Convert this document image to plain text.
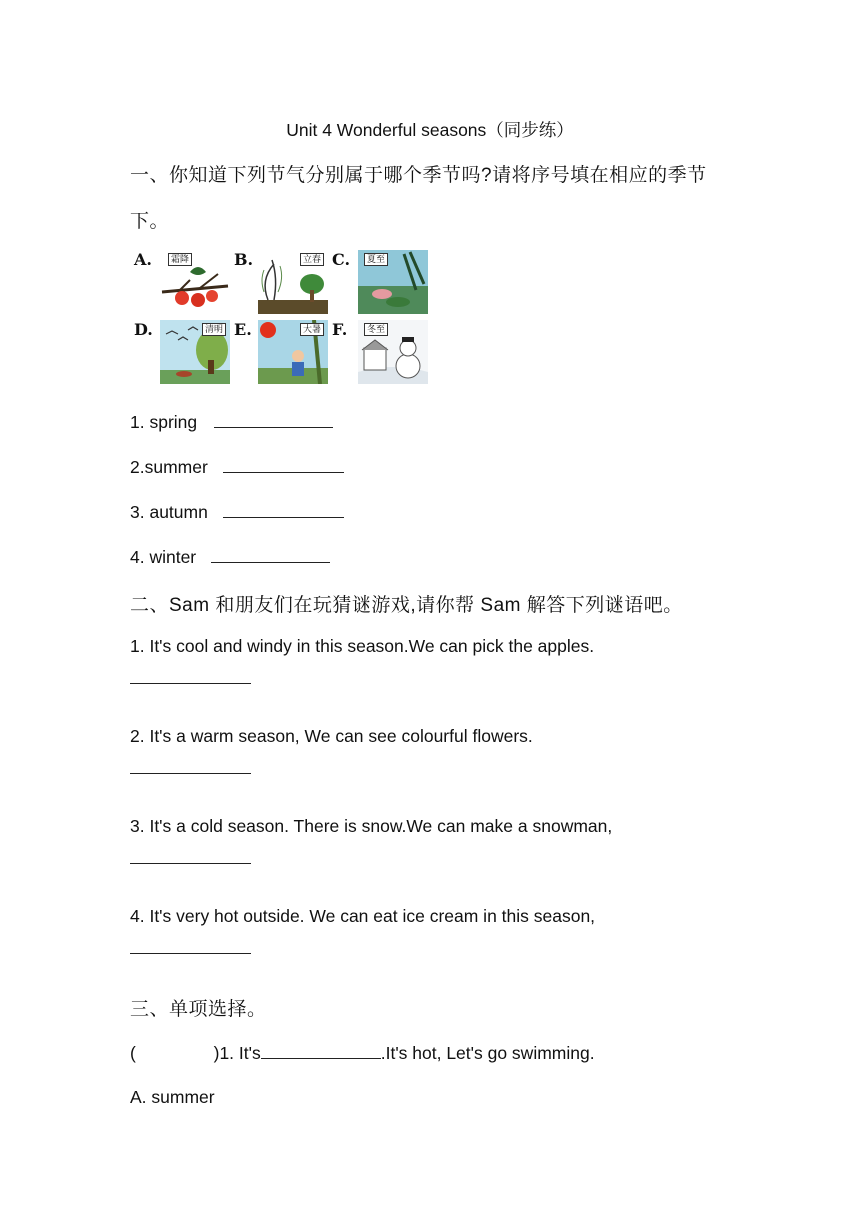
Unit 4 Wonderful seasons（同步练）
一、你知道下列节气分别属于哪个季节吗?请将序号填在相应的季节
下。
A.	霜降	B.	立春 C.	夏至
D.	清明 E.	大暑 F.	冬至
1. spring
2.summer
3. autumn
4. winter
二、Sam 和朋友们在玩猜谜游戏,请你帮 Sam 解答下列谜语吧。
1. It's cool and windy in this season.We can pick the apples.
2. It's a warm season, We can see colourful flowers.
3. It's a cold season. There is snow.We can make a snowman,
4. It's very hot outside. We can eat ice cream in this season,
三、单项选择。
(                )1. It's	.It's hot, Let's go swimming.
A. summer
